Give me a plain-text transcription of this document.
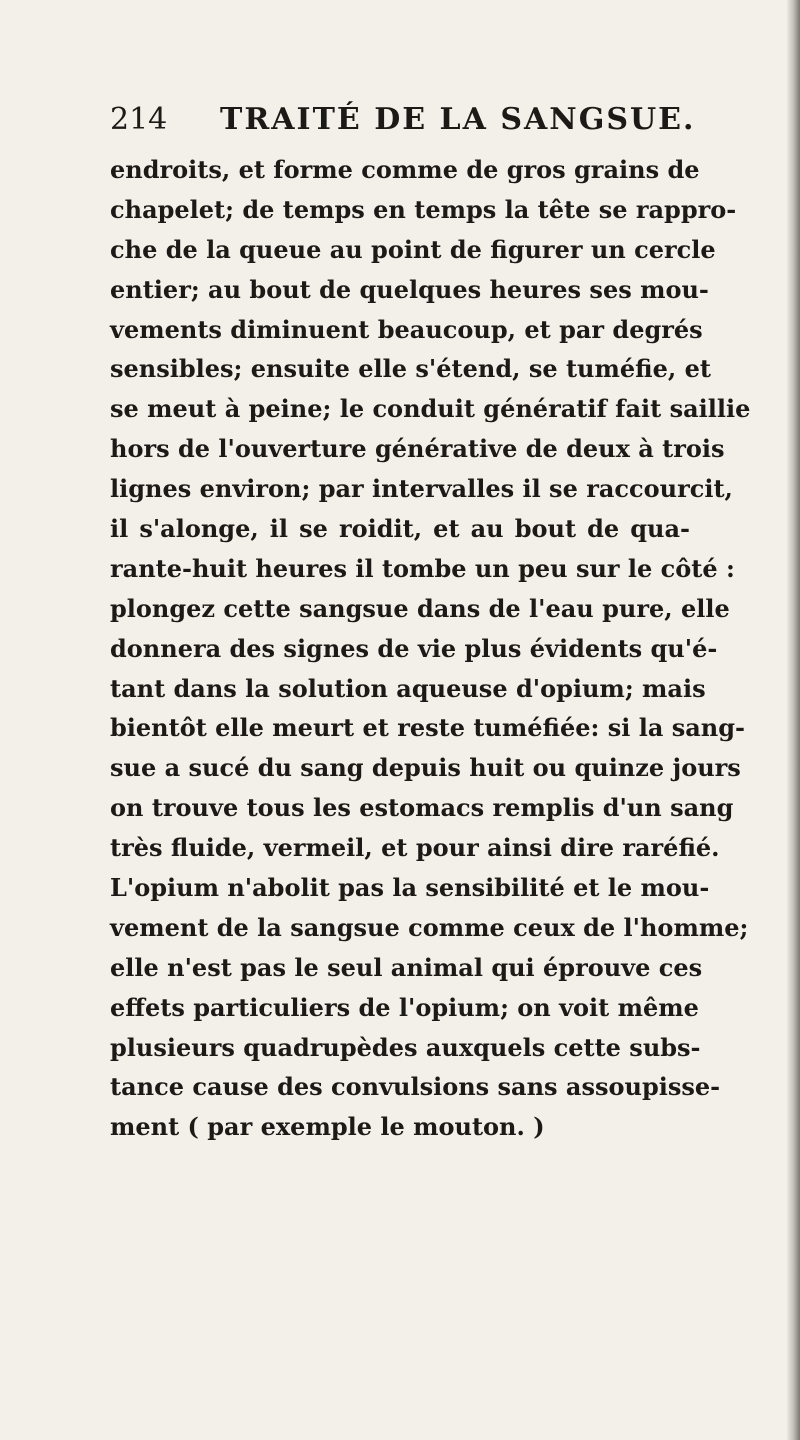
214 TRAITÉ DE LA SANGSUE.
endroits, et forme comme de gros grains de
chapelet; de temps en temps la tête se rappro-
che de la queue au point de figurer un cercle
entier; au bout de quelques heures ses mou-
vements diminuent beaucoup, et par degrés
sensibles; ensuite elle s'étend, se tuméfie, et
se meut à peine; le conduit génératif fait saillie
hors de l'ouverture générative de deux à trois
lignes environ; par intervalles il se raccourcit,
il s'alonge, il se roidit, et au bout de qua-
rante-huit heures il tombe un peu sur le côté :
plongez cette sangsue dans de l'eau pure, elle
donnera des signes de vie plus évidents qu'é-
tant dans la solution aqueuse d'opium; mais
bientôt elle meurt et reste tuméfiée: si la sang-
sue a sucé du sang depuis huit ou quinze jours
on trouve tous les estomacs remplis d'un sang
très fluide, vermeil, et pour ainsi dire raréfié.
L'opium n'abolit pas la sensibilité et le mou-
vement de la sangsue comme ceux de l'homme;
elle n'est pas le seul animal qui éprouve ces
effets particuliers de l'opium; on voit même
plusieurs quadrupèdes auxquels cette subs-
tance cause des convulsions sans assoupisse-
ment ( par exemple le mouton. )
